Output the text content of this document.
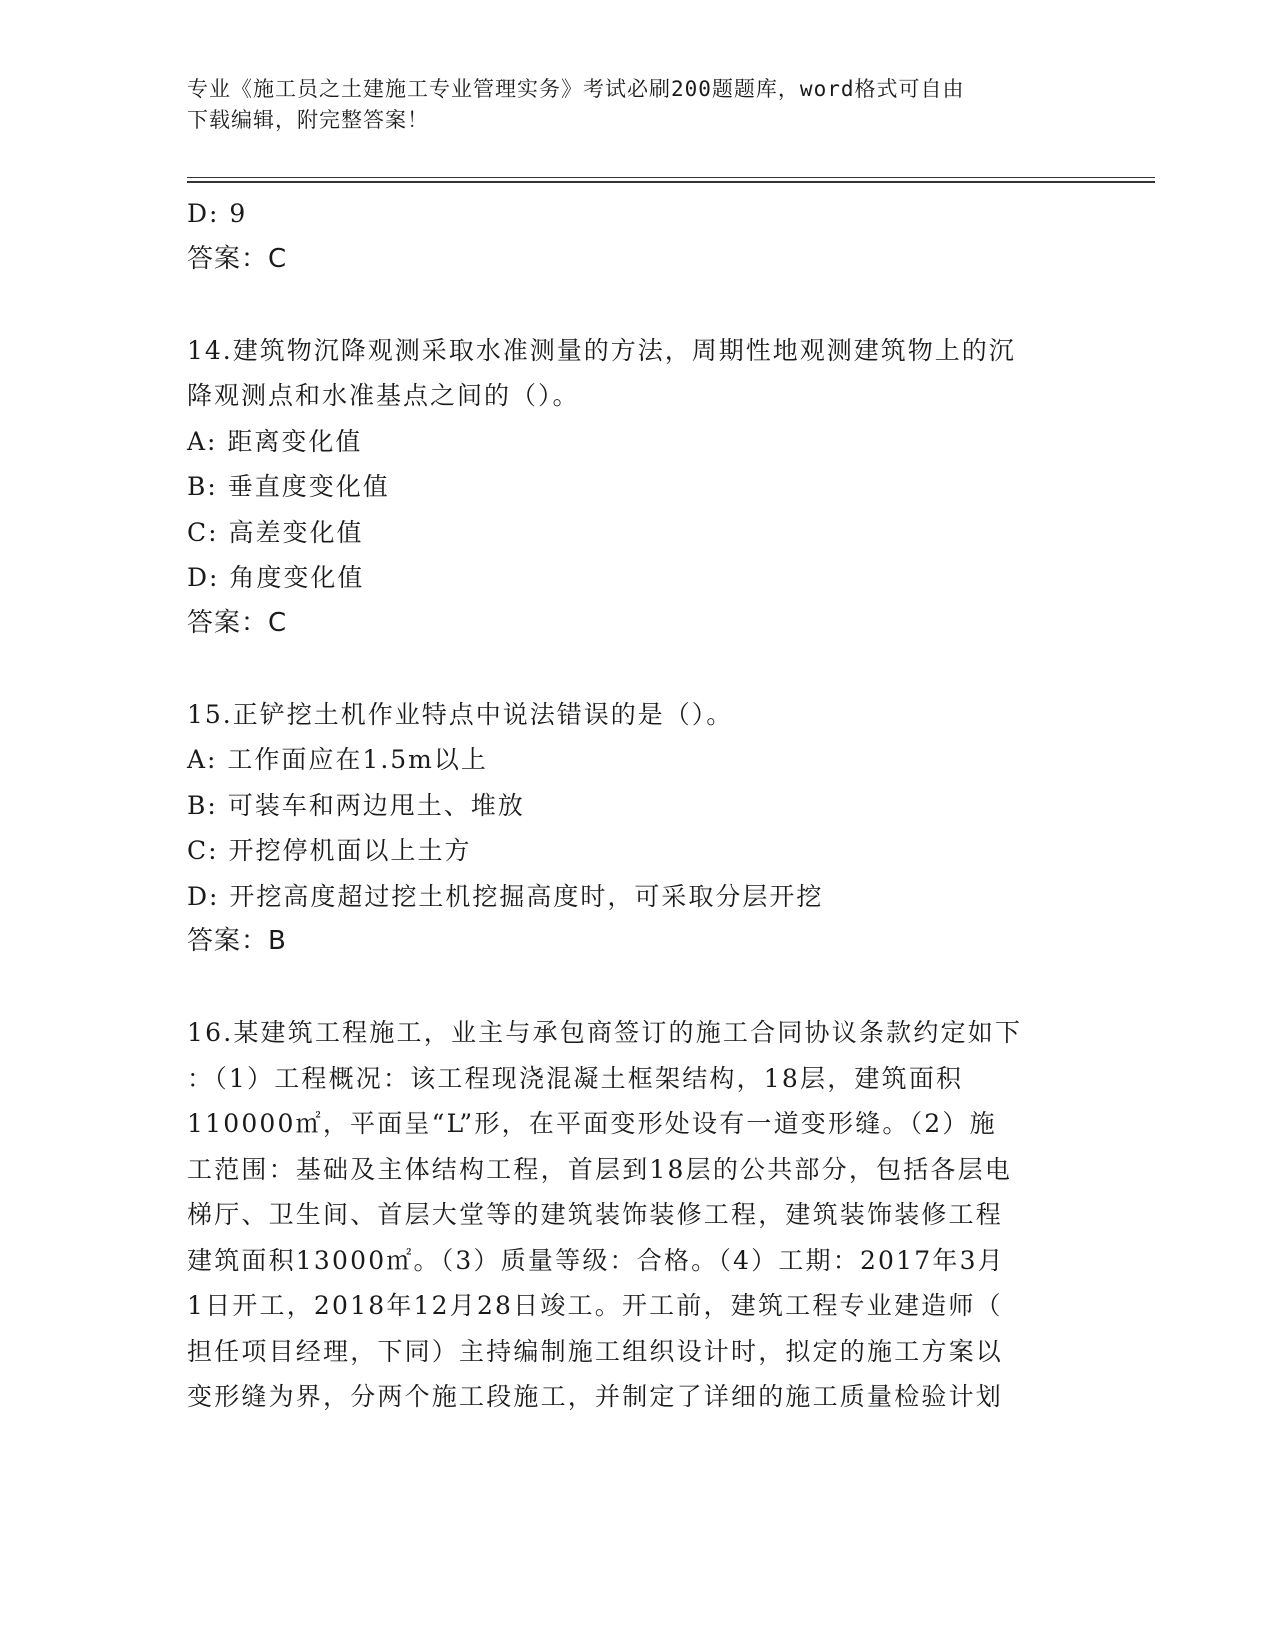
专业《施工员之土建施工专业管理实务》考试必刷200题题库，word格式可自由
下载编辑，附完整答案！
D: 9
答案：C
14.建筑物沉降观测采取水准测量的方法，周期性地观测建筑物上的沉
降观测点和水准基点之间的（）。
A: 距离变化值
B: 垂直度变化值
C: 高差变化值
D: 角度变化值
答案：C
15.正铲挖土机作业特点中说法错误的是（）。
A: 工作面应在1.5m以上
B: 可装车和两边甩土、堆放
C: 开挖停机面以上土方
D: 开挖高度超过挖土机挖掘高度时，可采取分层开挖
答案：B
16.某建筑工程施工，业主与承包商签订的施工合同协议条款约定如下
：（1）工程概况：该工程现浇混凝土框架结构，18层，建筑面积
110000㎡，平面呈“L”形，在平面变形处设有一道变形缝。（2）施
工范围：基础及主体结构工程，首层到18层的公共部分，包括各层电
梯厅、卫生间、首层大堂等的建筑装饰装修工程，建筑装饰装修工程
建筑面积13000㎡。（3）质量等级：合格。（4）工期：2017年3月
1日开工，2018年12月28日竣工。开工前，建筑工程专业建造师（
担任项目经理，下同）主持编制施工组织设计时，拟定的施工方案以
变形缝为界，分两个施工段施工，并制定了详细的施工质量检验计划
